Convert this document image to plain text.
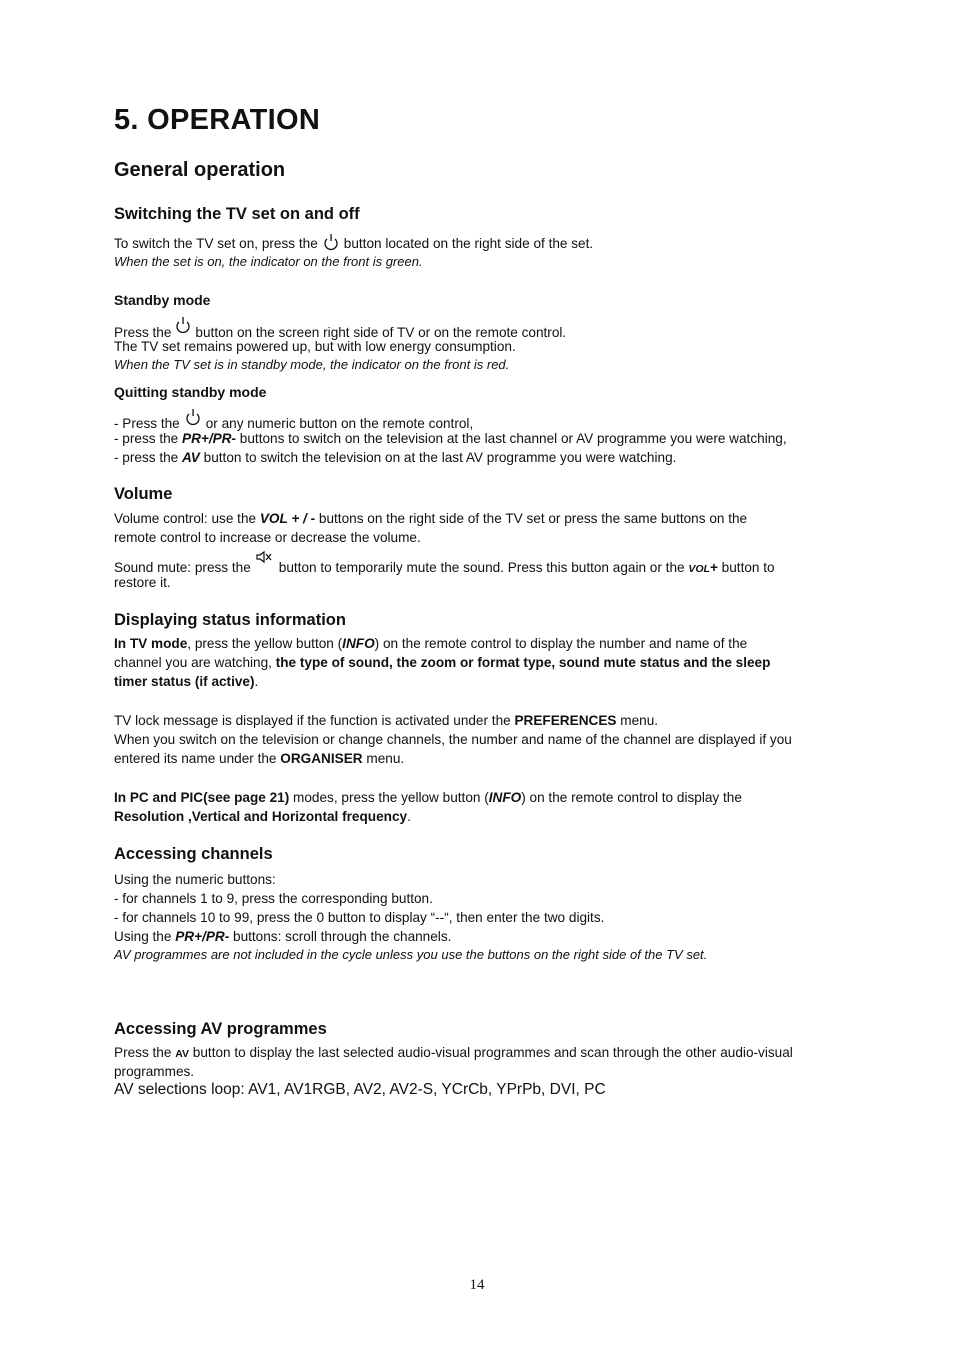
5. OPERATION
General operation
Switching the TV set on and off
To switch the TV set on, press the button located on the right side of the set.
When the set is on, the indicator on the front is green.
Standby mode
Press the button on the screen right side of TV or on the remote control.
The TV set remains powered up, but with low energy consumption.
When the TV set is in standby mode, the indicator on the front is red.
Quitting standby mode
- Press the or any numeric button on the remote control,
- press the PR+/PR- buttons to switch on the television at the last channel or AV programme you were watching,
- press the AV button to switch the television on at the last AV programme you were watching.
Volume
Volume control: use the VOL + / - buttons on the right side of the TV set or press the same buttons on the
remote control to increase or decrease the volume.
Sound mute: press the button to temporarily mute the sound. Press this button again or the VOL+ button to
restore it.
Displaying status information
In TV mode, press the yellow button (INFO) on the remote control to display the number and name of the
channel you are watching, the type of sound, the zoom or format type, sound mute status and the sleep
timer status (if active).
TV lock message is displayed if the function is activated under the PREFERENCES menu.
When you switch on the television or change channels, the number and name of the channel are displayed if you
entered its name under the ORGANISER menu.
In PC and PIC(see page 21) modes, press the yellow button (INFO) on the remote control to display the
Resolution ,Vertical and Horizontal frequency.
Accessing channels
Using the numeric buttons:
- for channels 1 to 9, press the corresponding button.
- for channels 10 to 99, press the 0 button to display “--“, then enter the two digits.
Using the PR+/PR- buttons: scroll through the channels.
AV programmes are not included in the cycle unless you use the buttons on the right side of the TV set.
Accessing AV programmes
Press the AV button to display the last selected audio-visual programmes and scan through the other audio-visual
programmes.
AV selections loop: AV1, AV1RGB, AV2, AV2-S, YCrCb, YPrPb, DVI, PC
14
